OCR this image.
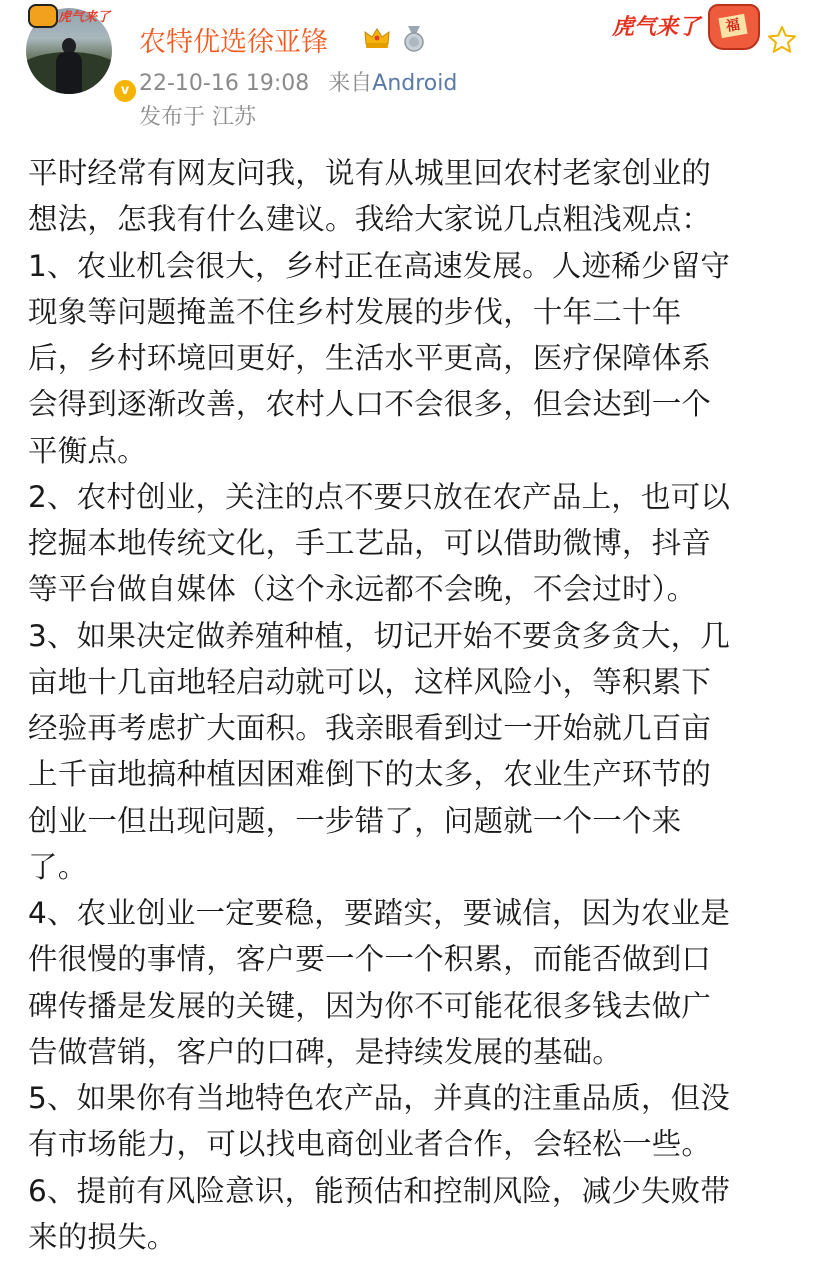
虎气来了
v
农特优选徐亚锋

22-10-16 19:08 来自Android
发布于 江苏
虎气来了	福

平时经常有网友问我，说有从城里回农村老家创业的

想法，怎我有什么建议。我给大家说几点粗浅观点：

1、农业机会很大，乡村正在高速发展。人迹稀少留守

现象等问题掩盖不住乡村发展的步伐，十年二十年

后，乡村环境回更好，生活水平更高，医疗保障体系

会得到逐渐改善，农村人口不会很多，但会达到一个

平衡点。

2、农村创业，关注的点不要只放在农产品上，也可以

挖掘本地传统文化，手工艺品，可以借助微博，抖音

等平台做自媒体（这个永远都不会晚，不会过时）。

3、如果决定做养殖种植，切记开始不要贪多贪大，几

亩地十几亩地轻启动就可以，这样风险小，等积累下

经验再考虑扩大面积。我亲眼看到过一开始就几百亩

上千亩地搞种植因困难倒下的太多，农业生产环节的

创业一但出现问题，一步错了，问题就一个一个来

了。

4、农业创业一定要稳，要踏实，要诚信，因为农业是

件很慢的事情，客户要一个一个积累，而能否做到口

碑传播是发展的关键，因为你不可能花很多钱去做广

告做营销，客户的口碑，是持续发展的基础。

5、如果你有当地特色农产品，并真的注重品质，但没

有市场能力，可以找电商创业者合作，会轻松一些。

6、提前有风险意识，能预估和控制风险，减少失败带

来的损失。
